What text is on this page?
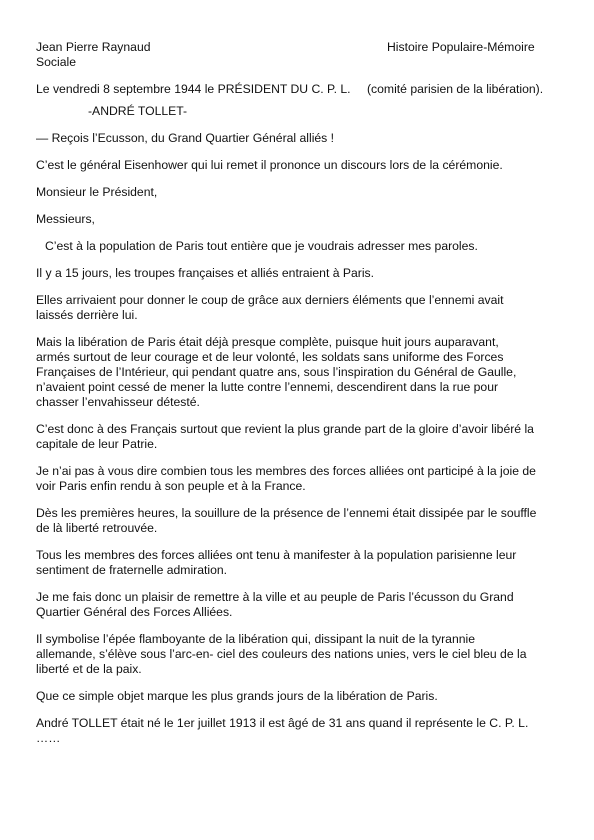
Jean Pierre Raynaud
Sociale
Histoire Populaire-Mémoire
Le vendredi 8 septembre 1944 le PRÉSIDENT DU C. P. L. (comité parisien de la libération).

-ANDRÉ TOLLET-

— Reçois l’Ecusson, du Grand Quartier Général alliés !

C’est le général Eisenhower qui lui remet il prononce un discours lors de la cérémonie.

Monsieur le Président,

Messieurs,

C’est à la population de Paris tout entière que je voudrais adresser mes paroles.

Il y a 15 jours, les troupes françaises et alliés entraient à Paris.

Elles arrivaient pour donner le coup de grâce aux derniers éléments que l’ennemi avait
laissés derrière lui.

Mais la libération de Paris était déjà presque complète, puisque huit jours auparavant,
armés surtout de leur courage et de leur volonté, les soldats sans uniforme des Forces
Françaises de l’Intérieur, qui pendant quatre ans, sous l’inspiration du Général de Gaulle,
n’avaient point cessé de mener la lutte contre l’ennemi, descendirent dans la rue pour
chasser l’envahisseur détesté.

C’est donc à des Français surtout que revient la plus grande part de la gloire d’avoir libéré la
capitale de leur Patrie.

Je n’ai pas à vous dire combien tous les membres des forces alliées ont participé à la joie de
voir Paris enfin rendu à son peuple et à la France.

Dès les premières heures, la souillure de la présence de l’ennemi était dissipée par le souffle
de là liberté retrouvée.

Tous les membres des forces alliées ont tenu à manifester à la population parisienne leur
sentiment de fraternelle admiration.

Je me fais donc un plaisir de remettre à la ville et au peuple de Paris l’écusson du Grand
Quartier Général des Forces Alliées.

Il symbolise l’épée flamboyante de la libération qui, dissipant la nuit de la tyrannie
allemande, s’élève sous l’arc-en- ciel des couleurs des nations unies, vers le ciel bleu de la
liberté et de la paix.

Que ce simple objet marque les plus grands jours de la libération de Paris.

André TOLLET était né le 1er juillet 1913 il est âgé de 31 ans quand il représente le C. P. L.
……
